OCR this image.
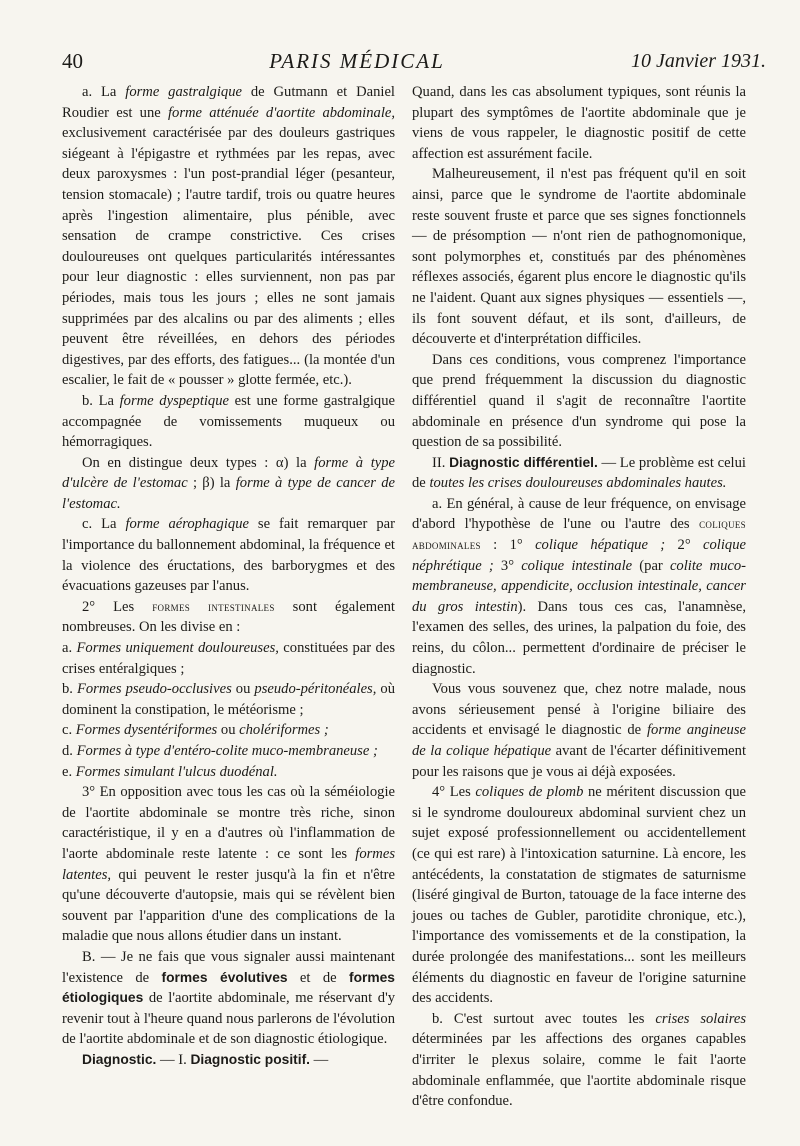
40	PARIS MÉDICAL	10 Janvier 1931.

a. La forme gastralgique de Gutmann et Daniel Roudier est une forme atténuée d'aortite abdominale, exclusivement caractérisée par des douleurs gastriques siégeant à l'épigastre et rythmées par les repas, avec deux paroxysmes : l'un post-prandial léger (pesanteur, tension stomacale) ; l'autre tardif, trois ou quatre heures après l'ingestion alimentaire, plus pénible, avec sensation de crampe constrictive. Ces crises douloureuses ont quelques particularités intéressantes pour leur diagnostic : elles surviennent, non pas par périodes, mais tous les jours ; elles ne sont jamais supprimées par des alcalins ou par des aliments ; elles peuvent être réveillées, en dehors des périodes digestives, par des efforts, des fatigues... (la montée d'un escalier, le fait de « pousser » glotte fermée, etc.).

b. La forme dyspeptique est une forme gastralgique accompagnée de vomissements muqueux ou hémorragiques.

On en distingue deux types : α) la forme à type d'ulcère de l'estomac ; β) la forme à type de cancer de l'estomac.

c. La forme aérophagique se fait remarquer par l'importance du ballonnement abdominal, la fréquence et la violence des éructations, des barborygmes et des évacuations gazeuses par l'anus.

2° Les formes intestinales sont également nombreuses. On les divise en :

a. Formes uniquement douloureuses, constituées par des crises entéralgiques ;

b. Formes pseudo-occlusives ou pseudo-péritonéales, où dominent la constipation, le météorisme ;

c. Formes dysentériformes ou cholériformes ;

d. Formes à type d'entéro-colite muco-membraneuse ;

e. Formes simulant l'ulcus duodénal.

3° En opposition avec tous les cas où la séméiologie de l'aortite abdominale se montre très riche, sinon caractéristique, il y en a d'autres où l'inflammation de l'aorte abdominale reste latente : ce sont les formes latentes, qui peuvent le rester jusqu'à la fin et n'être qu'une découverte d'autopsie, mais qui se révèlent bien souvent par l'apparition d'une des complications de la maladie que nous allons étudier dans un instant.

B. — Je ne fais que vous signaler aussi maintenant l'existence de formes évolutives et de formes étiologiques de l'aortite abdominale, me réservant d'y revenir tout à l'heure quand nous parlerons de l'évolution de l'aortite abdominale et de son diagnostic étiologique.

Diagnostic. — I. Diagnostic positif. —

Quand, dans les cas absolument typiques, sont réunis la plupart des symptômes de l'aortite abdominale que je viens de vous rappeler, le diagnostic positif de cette affection est assurément facile.

Malheureusement, il n'est pas fréquent qu'il en soit ainsi, parce que le syndrome de l'aortite abdominale reste souvent fruste et parce que ses signes fonctionnels — de présomption — n'ont rien de pathognomonique, sont polymorphes et, constitués par des phénomènes réflexes associés, égarent plus encore le diagnostic qu'ils ne l'aident. Quant aux signes physiques — essentiels —, ils font souvent défaut, et ils sont, d'ailleurs, de découverte et d'interprétation difficiles.

Dans ces conditions, vous comprenez l'importance que prend fréquemment la discussion du diagnostic différentiel quand il s'agit de reconnaître l'aortite abdominale en présence d'un syndrome qui pose la question de sa possibilité.

II. Diagnostic différentiel. — Le problème est celui de toutes les crises douloureuses abdominales hautes.

a. En général, à cause de leur fréquence, on envisage d'abord l'hypothèse de l'une ou l'autre des coliques abdominales : 1° colique hépatique ; 2° colique néphrétique ; 3° colique intestinale (par colite muco-membraneuse, appendicite, occlusion intestinale, cancer du gros intestin). Dans tous ces cas, l'anamnèse, l'examen des selles, des urines, la palpation du foie, des reins, du côlon... permettent d'ordinaire de préciser le diagnostic.

Vous vous souvenez que, chez notre malade, nous avons sérieusement pensé à l'origine biliaire des accidents et envisagé le diagnostic de forme angineuse de la colique hépatique avant de l'écarter définitivement pour les raisons que je vous ai déjà exposées.

4° Les coliques de plomb ne méritent discussion que si le syndrome douloureux abdominal survient chez un sujet exposé professionnellement ou accidentellement (ce qui est rare) à l'intoxication saturnine. Là encore, les antécédents, la constatation de stigmates de saturnisme (liséré gingival de Burton, tatouage de la face interne des joues ou taches de Gubler, parotidite chronique, etc.), l'importance des vomissements et de la constipation, la durée prolongée des manifestations... sont les meilleurs éléments du diagnostic en faveur de l'origine saturnine des accidents.

b. C'est surtout avec toutes les crises solaires déterminées par les affections des organes capables d'irriter le plexus solaire, comme le fait l'aorte abdominale enflammée, que l'aortite abdominale risque d'être confondue.
